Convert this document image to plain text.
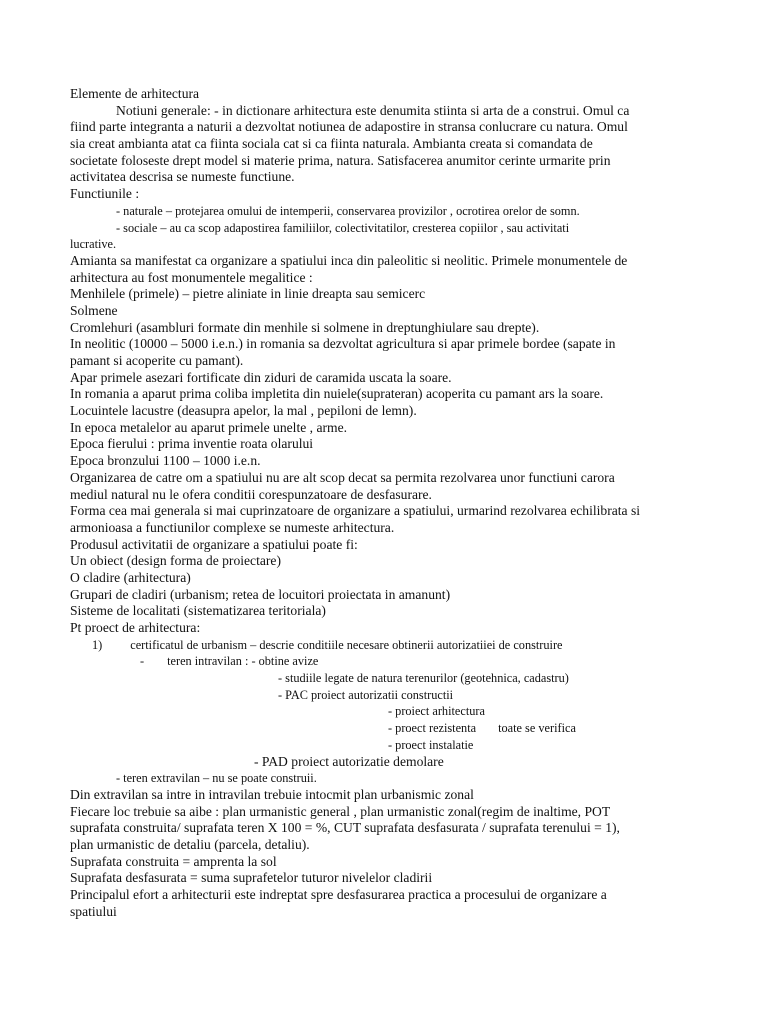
Elemente de arhitectura
Notiuni generale: - in dictionare arhitectura este denumita stiinta si arta de a construi. Omul ca
fiind parte integranta a naturii a dezvoltat notiunea de adapostire in stransa conlucrare cu natura. Omul
sia creat ambianta atat ca fiinta sociala cat si ca fiinta naturala. Ambianta creata si comandata de
societate foloseste drept model si materie prima, natura. Satisfacerea anumitor cerinte urmarite prin
activitatea descrisa se numeste functiune.
Functiunile :
- naturale – protejarea omului de intemperii, conservarea provizilor , ocrotirea orelor de somn.
- sociale – au ca scop adapostirea familiilor, colectivitatilor, cresterea copiilor , sau activitati
lucrative.
Amianta sa manifestat ca organizare a spatiului inca din paleolitic si neolitic. Primele monumentele de
arhitectura au fost monumentele megalitice :
Menhilele (primele) – pietre aliniate in linie dreapta sau semicerc
Solmene
Cromlehuri (asambluri formate din menhile si solmene in dreptunghiulare sau drepte).
In neolitic (10000 – 5000 i.e.n.) in romania sa dezvoltat agricultura si apar primele bordee (sapate in
pamant si acoperite cu pamant).
Apar primele asezari fortificate din ziduri de caramida uscata la soare.
In romania a aparut prima coliba impletita din nuiele(suprateran) acoperita cu pamant ars la soare.
Locuintele lacustre (deasupra apelor, la mal , pepiloni de lemn).
In epoca metalelor au aparut primele unelte , arme.
Epoca fierului : prima inventie roata olarului
Epoca bronzului 1100 – 1000 i.e.n.
Organizarea de catre om a spatiului nu are alt scop decat sa permita rezolvarea unor functiuni carora
mediul natural nu le ofera conditii corespunzatoare de desfasurare.
Forma cea mai generala si mai cuprinzatoare de organizare a spatiului, urmarind rezolvarea echilibrata si
armonioasa a functiunilor complexe se numeste arhitectura.
Produsul activitatii de organizare a spatiului poate fi:
Un obiect (design forma de proiectare)
O cladire (arhitectura)
Grupari de cladiri (urbanism; retea de locuitori proiectata in amanunt)
Sisteme de localitati (sistematizarea teritoriala)
Pt proect de arhitectura:
1) certificatul de urbanism – descrie conditiile necesare obtinerii autorizatiiei de construire
- teren intravilan : - obtine avize
- studiile legate de natura terenurilor (geotehnica, cadastru)
- PAC proiect autorizatii constructii
- proiect arhitectura
- proect rezistenta toate se verifica
- proect instalatie
- PAD proiect autorizatie demolare
- teren extravilan – nu se poate construii.
Din extravilan sa intre in intravilan trebuie intocmit plan urbanismic zonal
Fiecare loc trebuie sa aibe : plan urmanistic general , plan urmanistic zonal(regim de inaltime, POT
suprafata construita/ suprafata teren X 100 = %, CUT suprafata desfasurata / suprafata terenului = 1),
plan urmanistic de detaliu (parcela, detaliu).
Suprafata construita = amprenta la sol
Suprafata desfasurata = suma suprafetelor tuturor nivelelor cladirii
Principalul efort a arhitecturii este indreptat spre desfasurarea practica a procesului de organizare a
spatiului
